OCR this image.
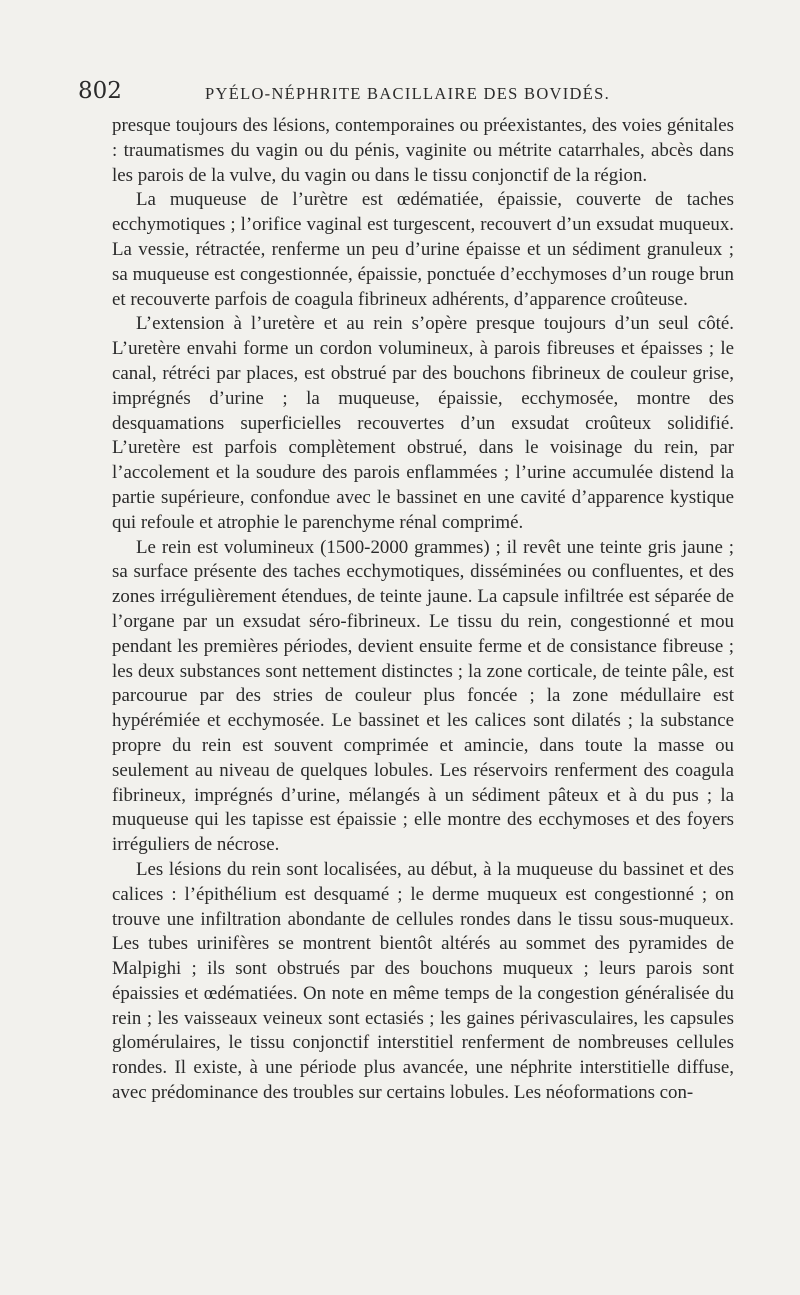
802	PYÉLO-NÉPHRITE BACILLAIRE DES BOVIDÉS.

presque toujours des lésions, contemporaines ou préexistantes, des voies génitales : traumatismes du vagin ou du pénis, vaginite ou métrite catarrhales, abcès dans les parois de la vulve, du vagin ou dans le tissu conjonctif de la région.

La muqueuse de l’urètre est œdématiée, épaissie, couverte de taches ecchymotiques ; l’orifice vaginal est turgescent, recouvert d’un exsudat muqueux. La vessie, rétractée, renferme un peu d’urine épaisse et un sédiment granuleux ; sa muqueuse est congestionnée, épaissie, ponctuée d’ecchymoses d’un rouge brun et recouverte parfois de coagula fibrineux adhérents, d’apparence croûteuse.

L’extension à l’uretère et au rein s’opère presque toujours d’un seul côté. L’uretère envahi forme un cordon volumineux, à parois fibreuses et épaisses ; le canal, rétréci par places, est obstrué par des bouchons fibrineux de couleur grise, imprégnés d’urine ; la muqueuse, épaissie, ecchymosée, montre des desquamations superficielles recouvertes d’un exsudat croûteux solidifié. L’uretère est parfois complètement obstrué, dans le voisinage du rein, par l’accolement et la soudure des parois enflammées ; l’urine accumulée distend la partie supérieure, confondue avec le bassinet en une cavité d’apparence kystique qui refoule et atrophie le parenchyme rénal comprimé.

Le rein est volumineux (1500-2000 grammes) ; il revêt une teinte gris jaune ; sa surface présente des taches ecchymotiques, disséminées ou confluentes, et des zones irrégulièrement étendues, de teinte jaune. La capsule infiltrée est séparée de l’organe par un exsudat séro-fibrineux. Le tissu du rein, congestionné et mou pendant les premières périodes, devient ensuite ferme et de consistance fibreuse ; les deux substances sont nettement distinctes ; la zone corticale, de teinte pâle, est parcourue par des stries de couleur plus foncée ; la zone médullaire est hypérémiée et ecchymosée. Le bassinet et les calices sont dilatés ; la substance propre du rein est souvent comprimée et amincie, dans toute la masse ou seulement au niveau de quelques lobules. Les réservoirs renferment des coagula fibrineux, imprégnés d’urine, mélangés à un sédiment pâteux et à du pus ; la muqueuse qui les tapisse est épaissie ; elle montre des ecchymoses et des foyers irréguliers de nécrose.

Les lésions du rein sont localisées, au début, à la muqueuse du bassinet et des calices : l’épithélium est desquamé ; le derme muqueux est congestionné ; on trouve une infiltration abondante de cellules rondes dans le tissu sous-muqueux. Les tubes urinifères se montrent bientôt altérés au sommet des pyramides de Malpighi ; ils sont obstrués par des bouchons muqueux ; leurs parois sont épaissies et œdématiées. On note en même temps de la congestion généralisée du rein ; les vaisseaux veineux sont ectasiés ; les gaines périvasculaires, les capsules glomérulaires, le tissu conjonctif interstitiel renferment de nombreuses cellules rondes. Il existe, à une période plus avancée, une néphrite interstitielle diffuse, avec prédominance des troubles sur certains lobules. Les néoformations con-
